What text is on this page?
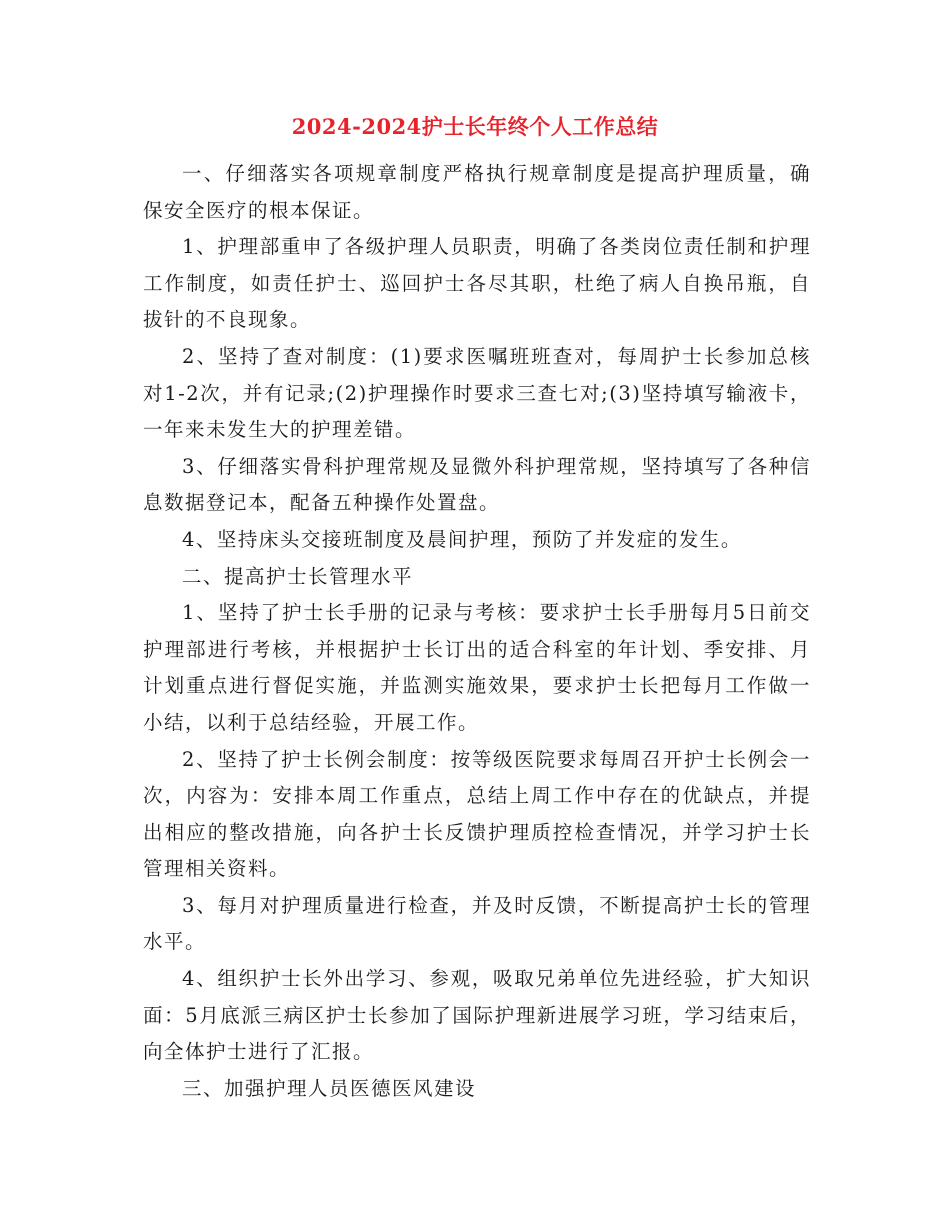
2024-2024护士长年终个人工作总结

一、仔细落实各项规章制度严格执行规章制度是提高护理质量，确保安全医疗的根本保证。

1、护理部重申了各级护理人员职责，明确了各类岗位责任制和护理工作制度，如责任护士、巡回护士各尽其职，杜绝了病人自换吊瓶，自拔针的不良现象。

2、坚持了查对制度：(1)要求医嘱班班查对，每周护士长参加总核对1-2次，并有记录;(2)护理操作时要求三查七对;(3)坚持填写输液卡，一年来未发生大的护理差错。

3、仔细落实骨科护理常规及显微外科护理常规，坚持填写了各种信息数据登记本，配备五种操作处置盘。

4、坚持床头交接班制度及晨间护理，预防了并发症的发生。

二、提高护士长管理水平

1、坚持了护士长手册的记录与考核：要求护士长手册每月5日前交护理部进行考核，并根据护士长订出的适合科室的年计划、季安排、月计划重点进行督促实施，并监测实施效果，要求护士长把每月工作做一小结，以利于总结经验，开展工作。

2、坚持了护士长例会制度：按等级医院要求每周召开护士长例会一次，内容为：安排本周工作重点，总结上周工作中存在的优缺点，并提出相应的整改措施，向各护士长反馈护理质控检查情况，并学习护士长管理相关资料。

3、每月对护理质量进行检查，并及时反馈，不断提高护士长的管理水平。

4、组织护士长外出学习、参观，吸取兄弟单位先进经验，扩大知识面：5月底派三病区护士长参加了国际护理新进展学习班，学习结束后，向全体护士进行了汇报。

三、加强护理人员医德医风建设
